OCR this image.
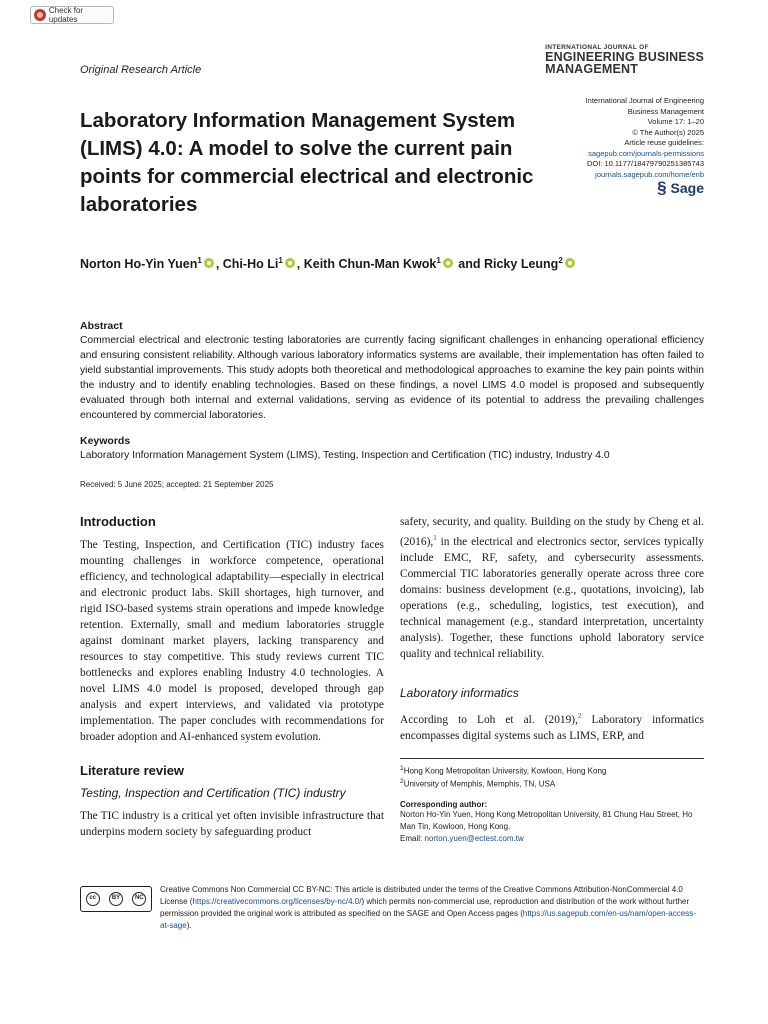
Check for updates
INTERNATIONAL JOURNAL OF
ENGINEERING BUSINESS
MANAGEMENT
Original Research Article
Laboratory Information Management System (LIMS) 4.0: A model to solve the current pain points for commercial electrical and electronic laboratories
International Journal of Engineering
Business Management
Volume 17: 1–20
© The Author(s) 2025
Article reuse guidelines:
sagepub.com/journals-permissions
DOI: 10.1177/18479790251385743
journals.sagepub.com/home/enb
§ Sage
Norton Ho-Yin Yuen$^1$ , Chi-Ho Li$^1$ , Keith Chun-Man Kwok$^1$ and Ricky Leung$^2$
Abstract
Commercial electrical and electronic testing laboratories are currently facing significant challenges in enhancing operational efficiency and ensuring consistent reliability. Although various laboratory informatics systems are available, their implementation has often failed to yield substantial improvements. This study adopts both theoretical and methodological approaches to examine the key pain points within the industry and to identify enabling technologies. Based on these findings, a novel LIMS 4.0 model is proposed and subsequently evaluated through both internal and external validations, serving as evidence of its potential to address the prevailing challenges encountered by commercial laboratories.
Keywords
Laboratory Information Management System (LIMS), Testing, Inspection and Certification (TIC) industry, Industry 4.0
Received: 5 June 2025; accepted: 21 September 2025
Introduction

The Testing, Inspection, and Certification (TIC) industry faces mounting challenges in workforce competence, operational efficiency, and technological adaptability—especially in electrical and electronic product labs. Skill shortages, high turnover, and rigid ISO-based systems strain operations and impede knowledge retention. Externally, small and medium laboratories struggle against dominant market players, lacking transparency and resources to stay competitive. This study reviews current TIC bottlenecks and explores enabling Industry 4.0 technologies. A novel LIMS 4.0 model is proposed, developed through gap analysis and expert interviews, and validated via prototype implementation. The paper concludes with recommendations for broader adoption and AI-enhanced system evolution.

Literature review
Testing, Inspection and Certification (TIC) industry

The TIC industry is a critical yet often invisible infrastructure that underpins modern society by safeguarding product

safety, security, and quality. Building on the study by Cheng et al. (2016),$^1$ in the electrical and electronics sector, services typically include EMC, RF, safety, and cybersecurity assessments. Commercial TIC laboratories generally operate across three core domains: business development (e.g., quotations, invoicing), lab operations (e.g., scheduling, logistics, test execution), and technical management (e.g., standard interpretation, uncertainty analysis). Together, these functions uphold laboratory service quality and technical reliability.

Laboratory informatics

According to Loh et al. (2019),$^2$ Laboratory informatics encompasses digital systems such as LIMS, ERP, and

$^1$Hong Kong Metropolitan University, Kowloon, Hong Kong
$^2$University of Memphis, Memphis, TN, USA
Corresponding author:
Norton Ho-Yin Yuen, Hong Kong Metropolitan University, 81 Chung Hau Street, Ho Man Tin, Kowloon, Hong Kong.
Email: norton.yuen@ectest.com.tw
cc	BY	NC
Creative Commons Non Commercial CC BY-NC: This article is distributed under the terms of the Creative Commons Attribution-NonCommercial 4.0 License (https://creativecommons.org/licenses/by-nc/4.0/) which permits non-commercial use, reproduction and distribution of the work without further permission provided the original work is attributed as specified on the SAGE and Open Access pages (https://us.sagepub.com/en-us/nam/open-access-at-sage).
